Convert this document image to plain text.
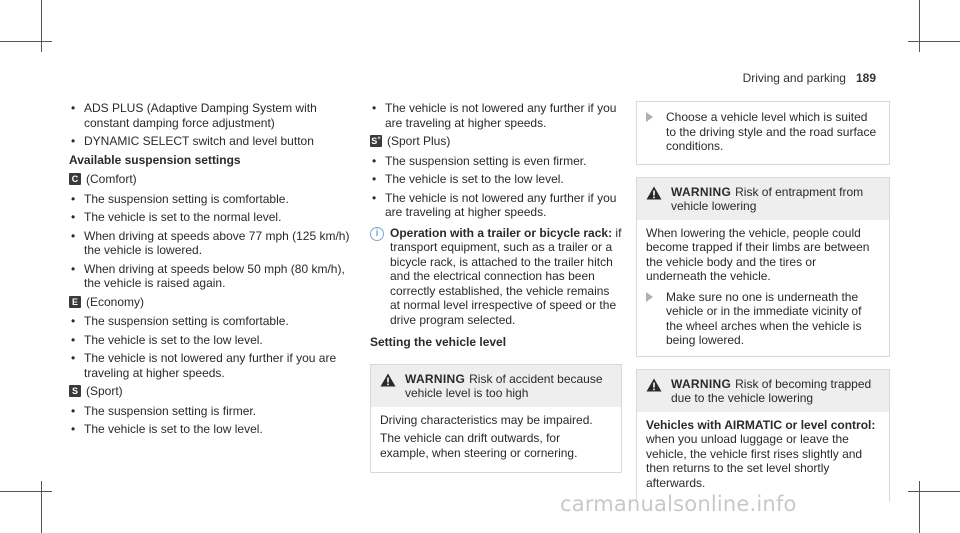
Driving and parking 189
• ADS PLUS (Adaptive Damping System with constant damping force adjustment)
• DYNAMIC SELECT switch and level button
Available suspension settings
C (Comfort)
• The suspension setting is comfortable.
• The vehicle is set to the normal level.
• When driving at speeds above 77 mph (125 km/h) the vehicle is lowered.
• When driving at speeds below 50 mph (80 km/h), the vehicle is raised again.
E (Economy)
• The suspension setting is comfortable.
• The vehicle is set to the low level.
• The vehicle is not lowered any further if you are traveling at higher speeds.
S (Sport)
• The suspension setting is firmer.
• The vehicle is set to the low level.
• The vehicle is not lowered any further if you are traveling at higher speeds.
S+ (Sport Plus)
• The suspension setting is even firmer.
• The vehicle is set to the low level.
• The vehicle is not lowered any further if you are traveling at higher speeds.
i Operation with a trailer or bicycle rack: if transport equipment, such as a trailer or a bicycle rack, is attached to the trailer hitch and the electrical connection has been correctly established, the vehicle remains at normal level irrespective of speed or the drive program selected.
Setting the vehicle level
WARNING Risk of accident because vehicle level is too high

Driving characteristics may be impaired.

The vehicle can drift outwards, for example, when steering or cornering.

Choose a vehicle level which is suited to the driving style and the road surface conditions.
WARNING Risk of entrapment from vehicle lowering

When lowering the vehicle, people could become trapped if their limbs are between the vehicle body and the tires or underneath the vehicle.

Make sure no one is underneath the vehicle or in the immediate vicinity of the wheel arches when the vehicle is being lowered.
WARNING Risk of becoming trapped due to the vehicle lowering

Vehicles with AIRMATIC or level control: when you unload luggage or leave the vehicle, the vehicle first rises slightly and then returns to the set level shortly afterwards.

carmanualsonline.info
